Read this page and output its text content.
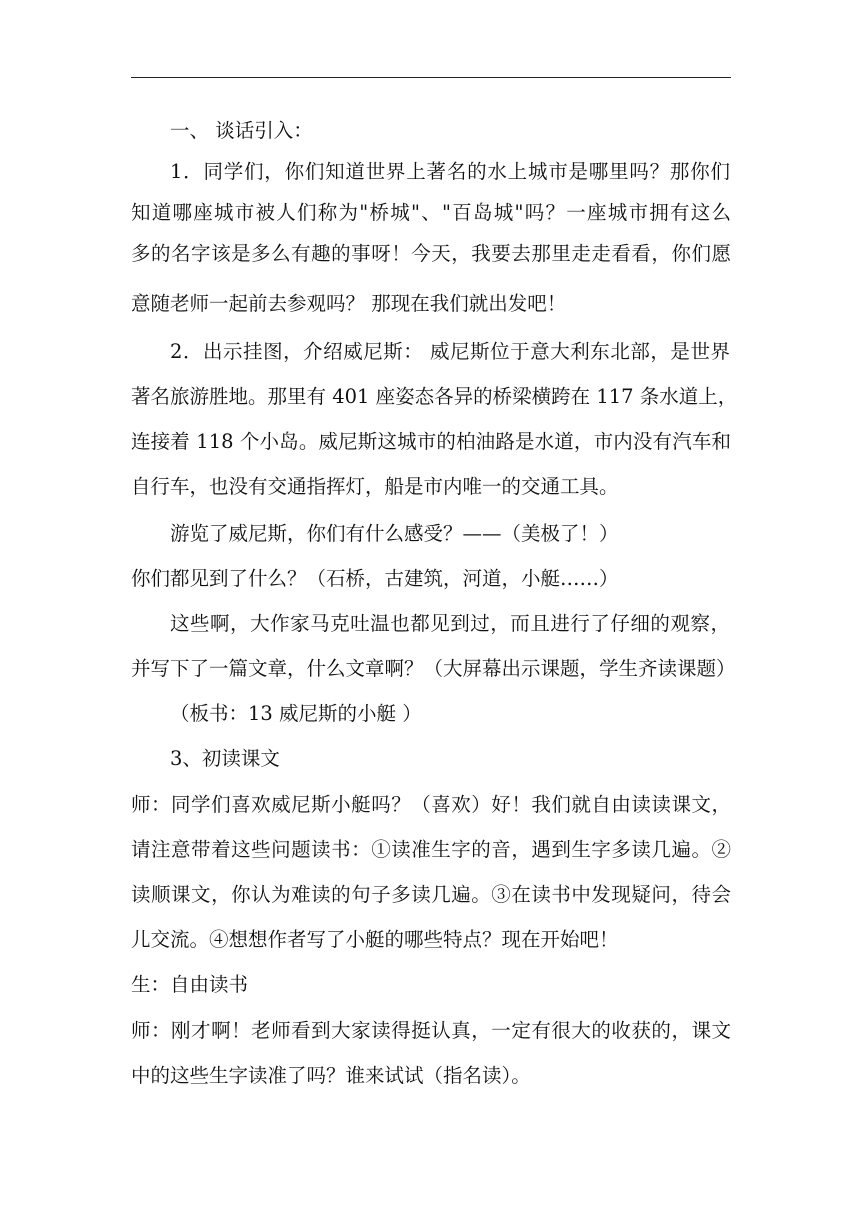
一、 谈话引入：
1．同学们，你们知道世界上著名的水上城市是哪里吗？那你们
知道哪座城市被人们称为"桥城"、"百岛城"吗？一座城市拥有这么
多的名字该是多么有趣的事呀！今天，我要去那里走走看看，你们愿
意随老师一起前去参观吗？ 那现在我们就出发吧！
2．出示挂图，介绍威尼斯： 威尼斯位于意大利东北部，是世界
著名旅游胜地。那里有 401 座姿态各异的桥梁横跨在 117 条水道上，
连接着 118 个小岛。威尼斯这城市的柏油路是水道，市内没有汽车和
自行车，也没有交通指挥灯，船是市内唯一的交通工具。
游览了威尼斯，你们有什么感受？——（美极了！）
你们都见到了什么？（石桥，古建筑，河道，小艇……）
这些啊，大作家马克吐温也都见到过，而且进行了仔细的观察，
并写下了一篇文章，什么文章啊？（大屏幕出示课题，学生齐读课题）
（板书：13 威尼斯的小艇 ）
3、初读课文
师：同学们喜欢威尼斯小艇吗？（喜欢）好！我们就自由读读课文，
请注意带着这些问题读书：①读准生字的音，遇到生字多读几遍。②
读顺课文，你认为难读的句子多读几遍。③在读书中发现疑问，待会
儿交流。④想想作者写了小艇的哪些特点？现在开始吧！
生：自由读书
师：刚才啊！老师看到大家读得挺认真，一定有很大的收获的，课文
中的这些生字读准了吗？谁来试试（指名读）。
